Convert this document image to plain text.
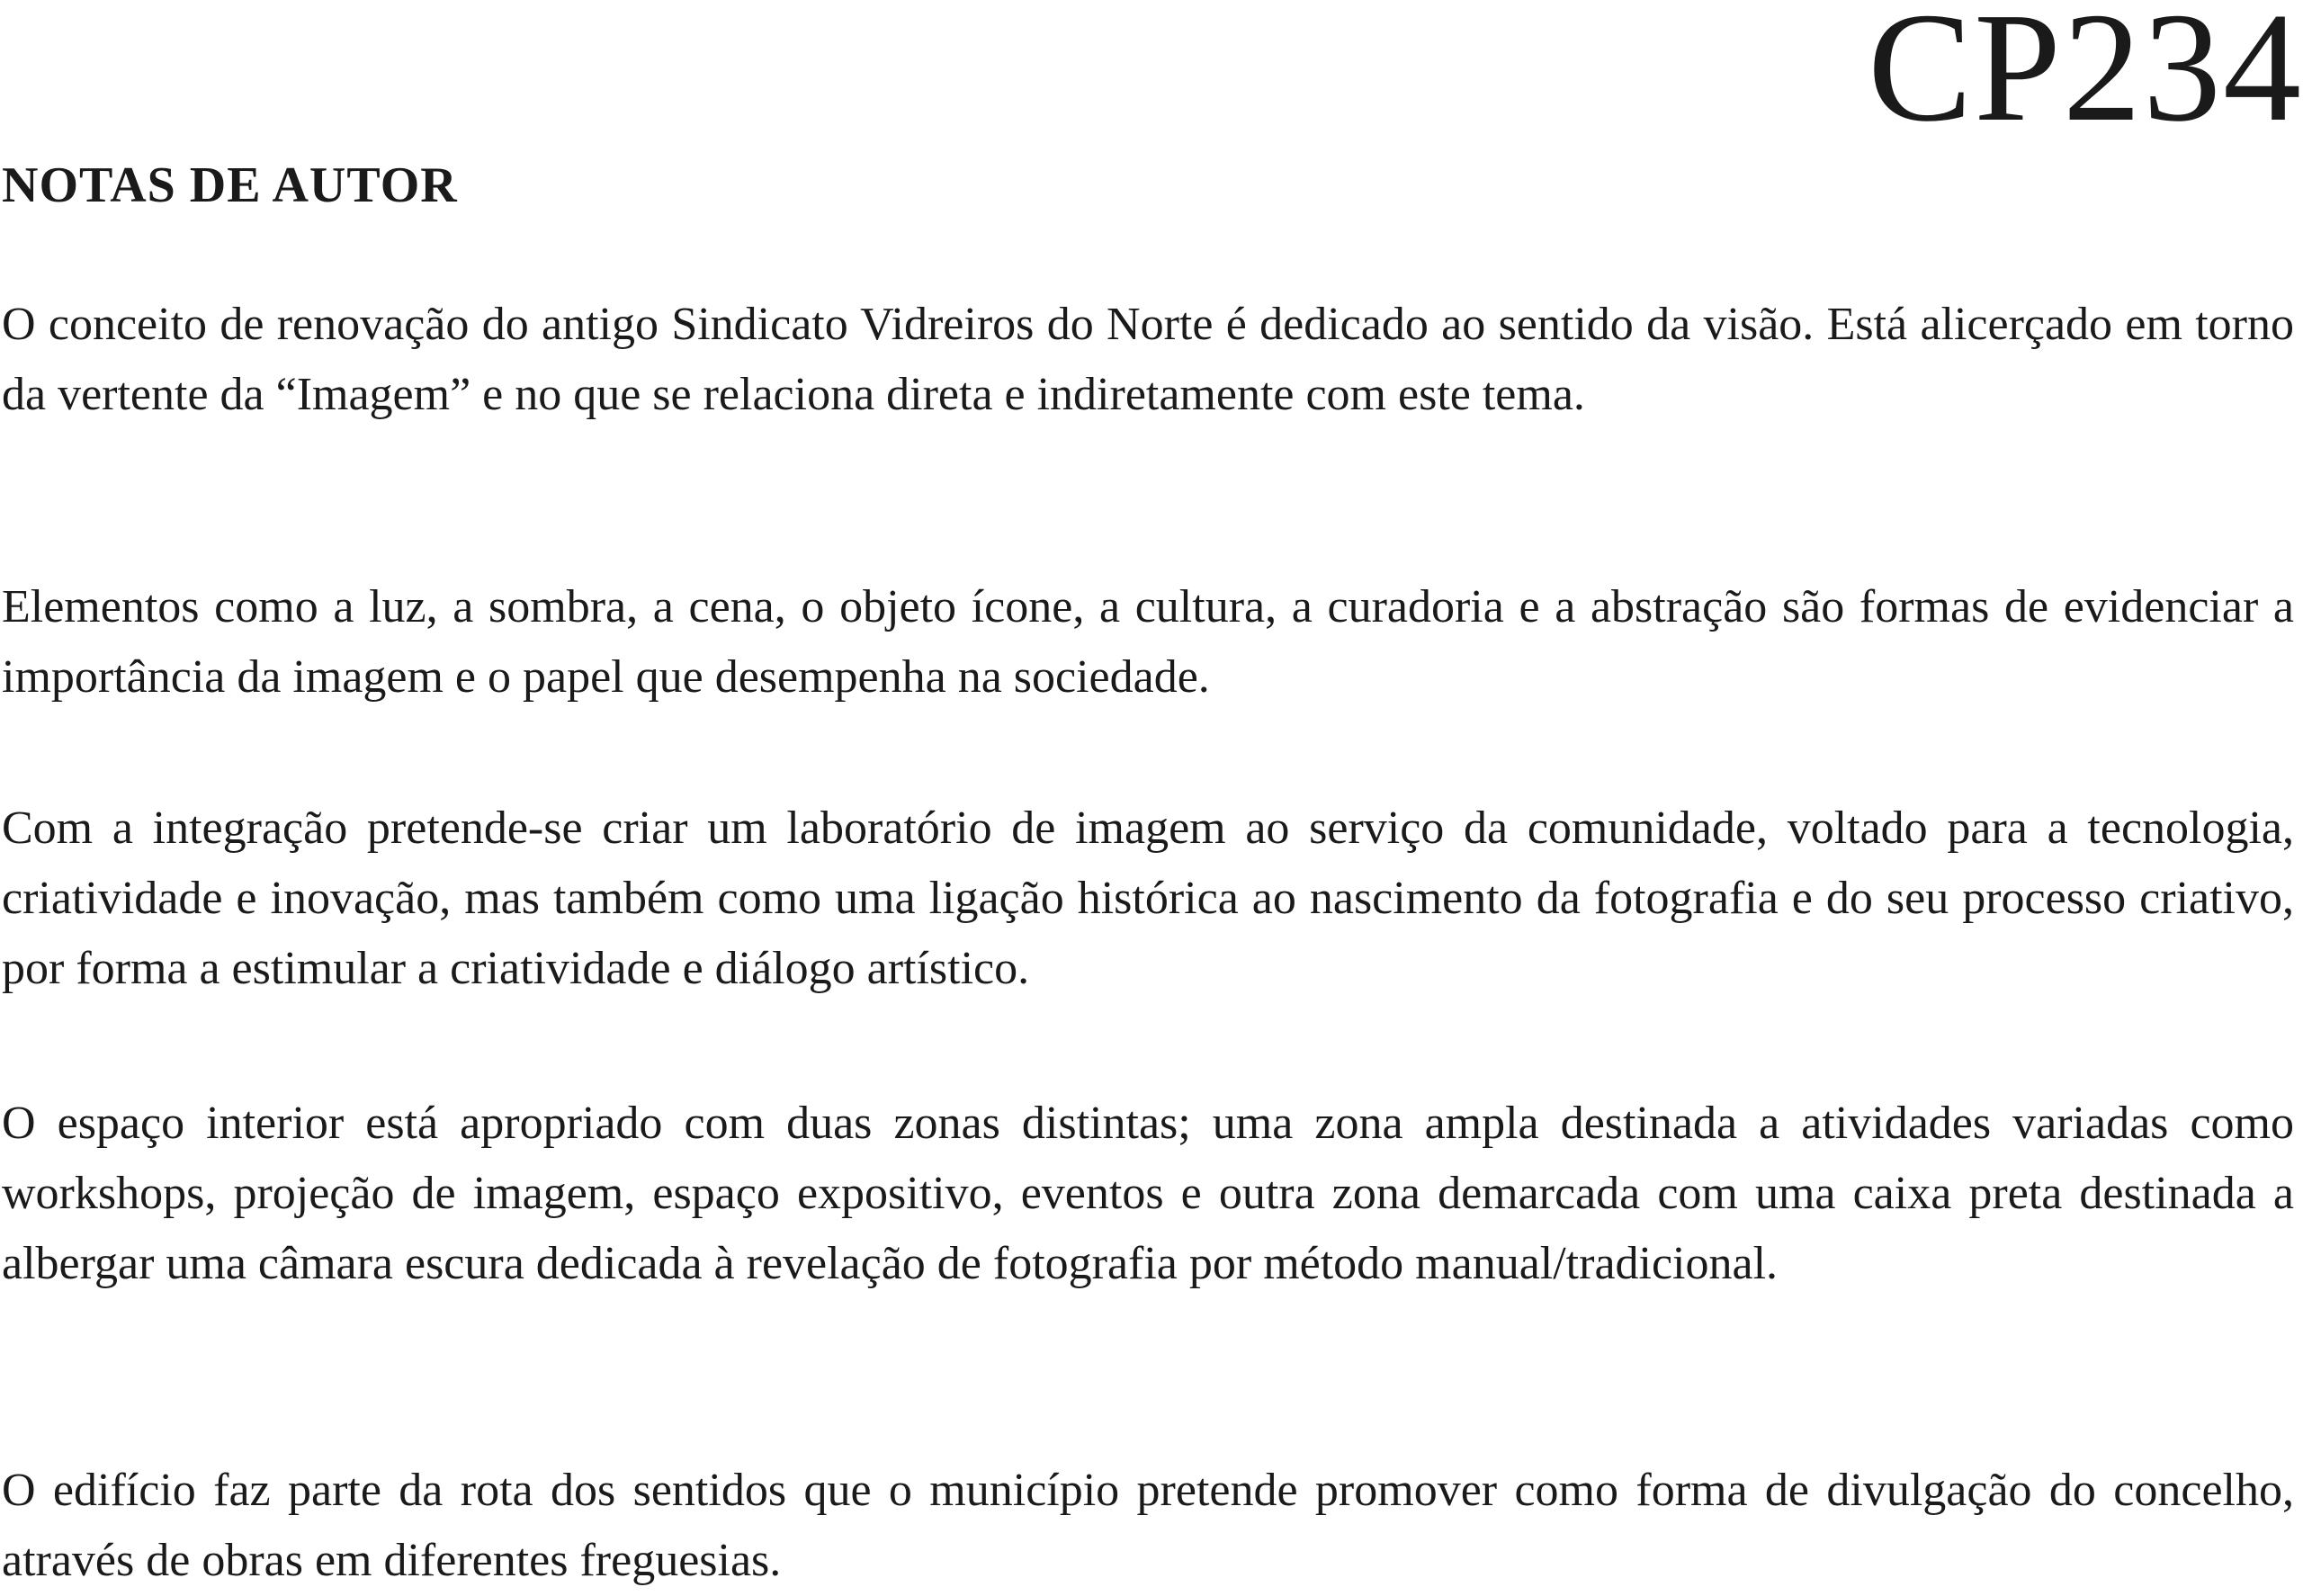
CP234
NOTAS DE AUTOR

O conceito de renovação do antigo Sindicato Vidreiros do Norte é dedicado ao sentido da visão. Está alicerçado em torno da vertente da “Imagem” e no que se relaciona direta e indiretamente com este tema.

Elementos como a luz, a sombra, a cena, o objeto ícone, a cultura, a curadoria e a abstração são formas de evidenciar a importância da imagem e o papel que desempenha na sociedade.

Com a integração pretende-se criar um laboratório de imagem ao serviço da comunidade, voltado para a tecnologia, criatividade e inovação, mas também como uma ligação histórica ao nascimento da fotografia e do seu processo criativo, por forma a estimular a criatividade e diálogo artístico.

O espaço interior está apropriado com duas zonas distintas; uma zona ampla destinada a atividades variadas como workshops, projeção de imagem, espaço expositivo, eventos e outra zona demarcada com uma caixa preta destinada a albergar uma câmara escura dedicada à revelação de fotografia por método manual/tradicional.

O edifício faz parte da rota dos sentidos que o município pretende promover como forma de divulgação do concelho, através de obras em diferentes freguesias.
